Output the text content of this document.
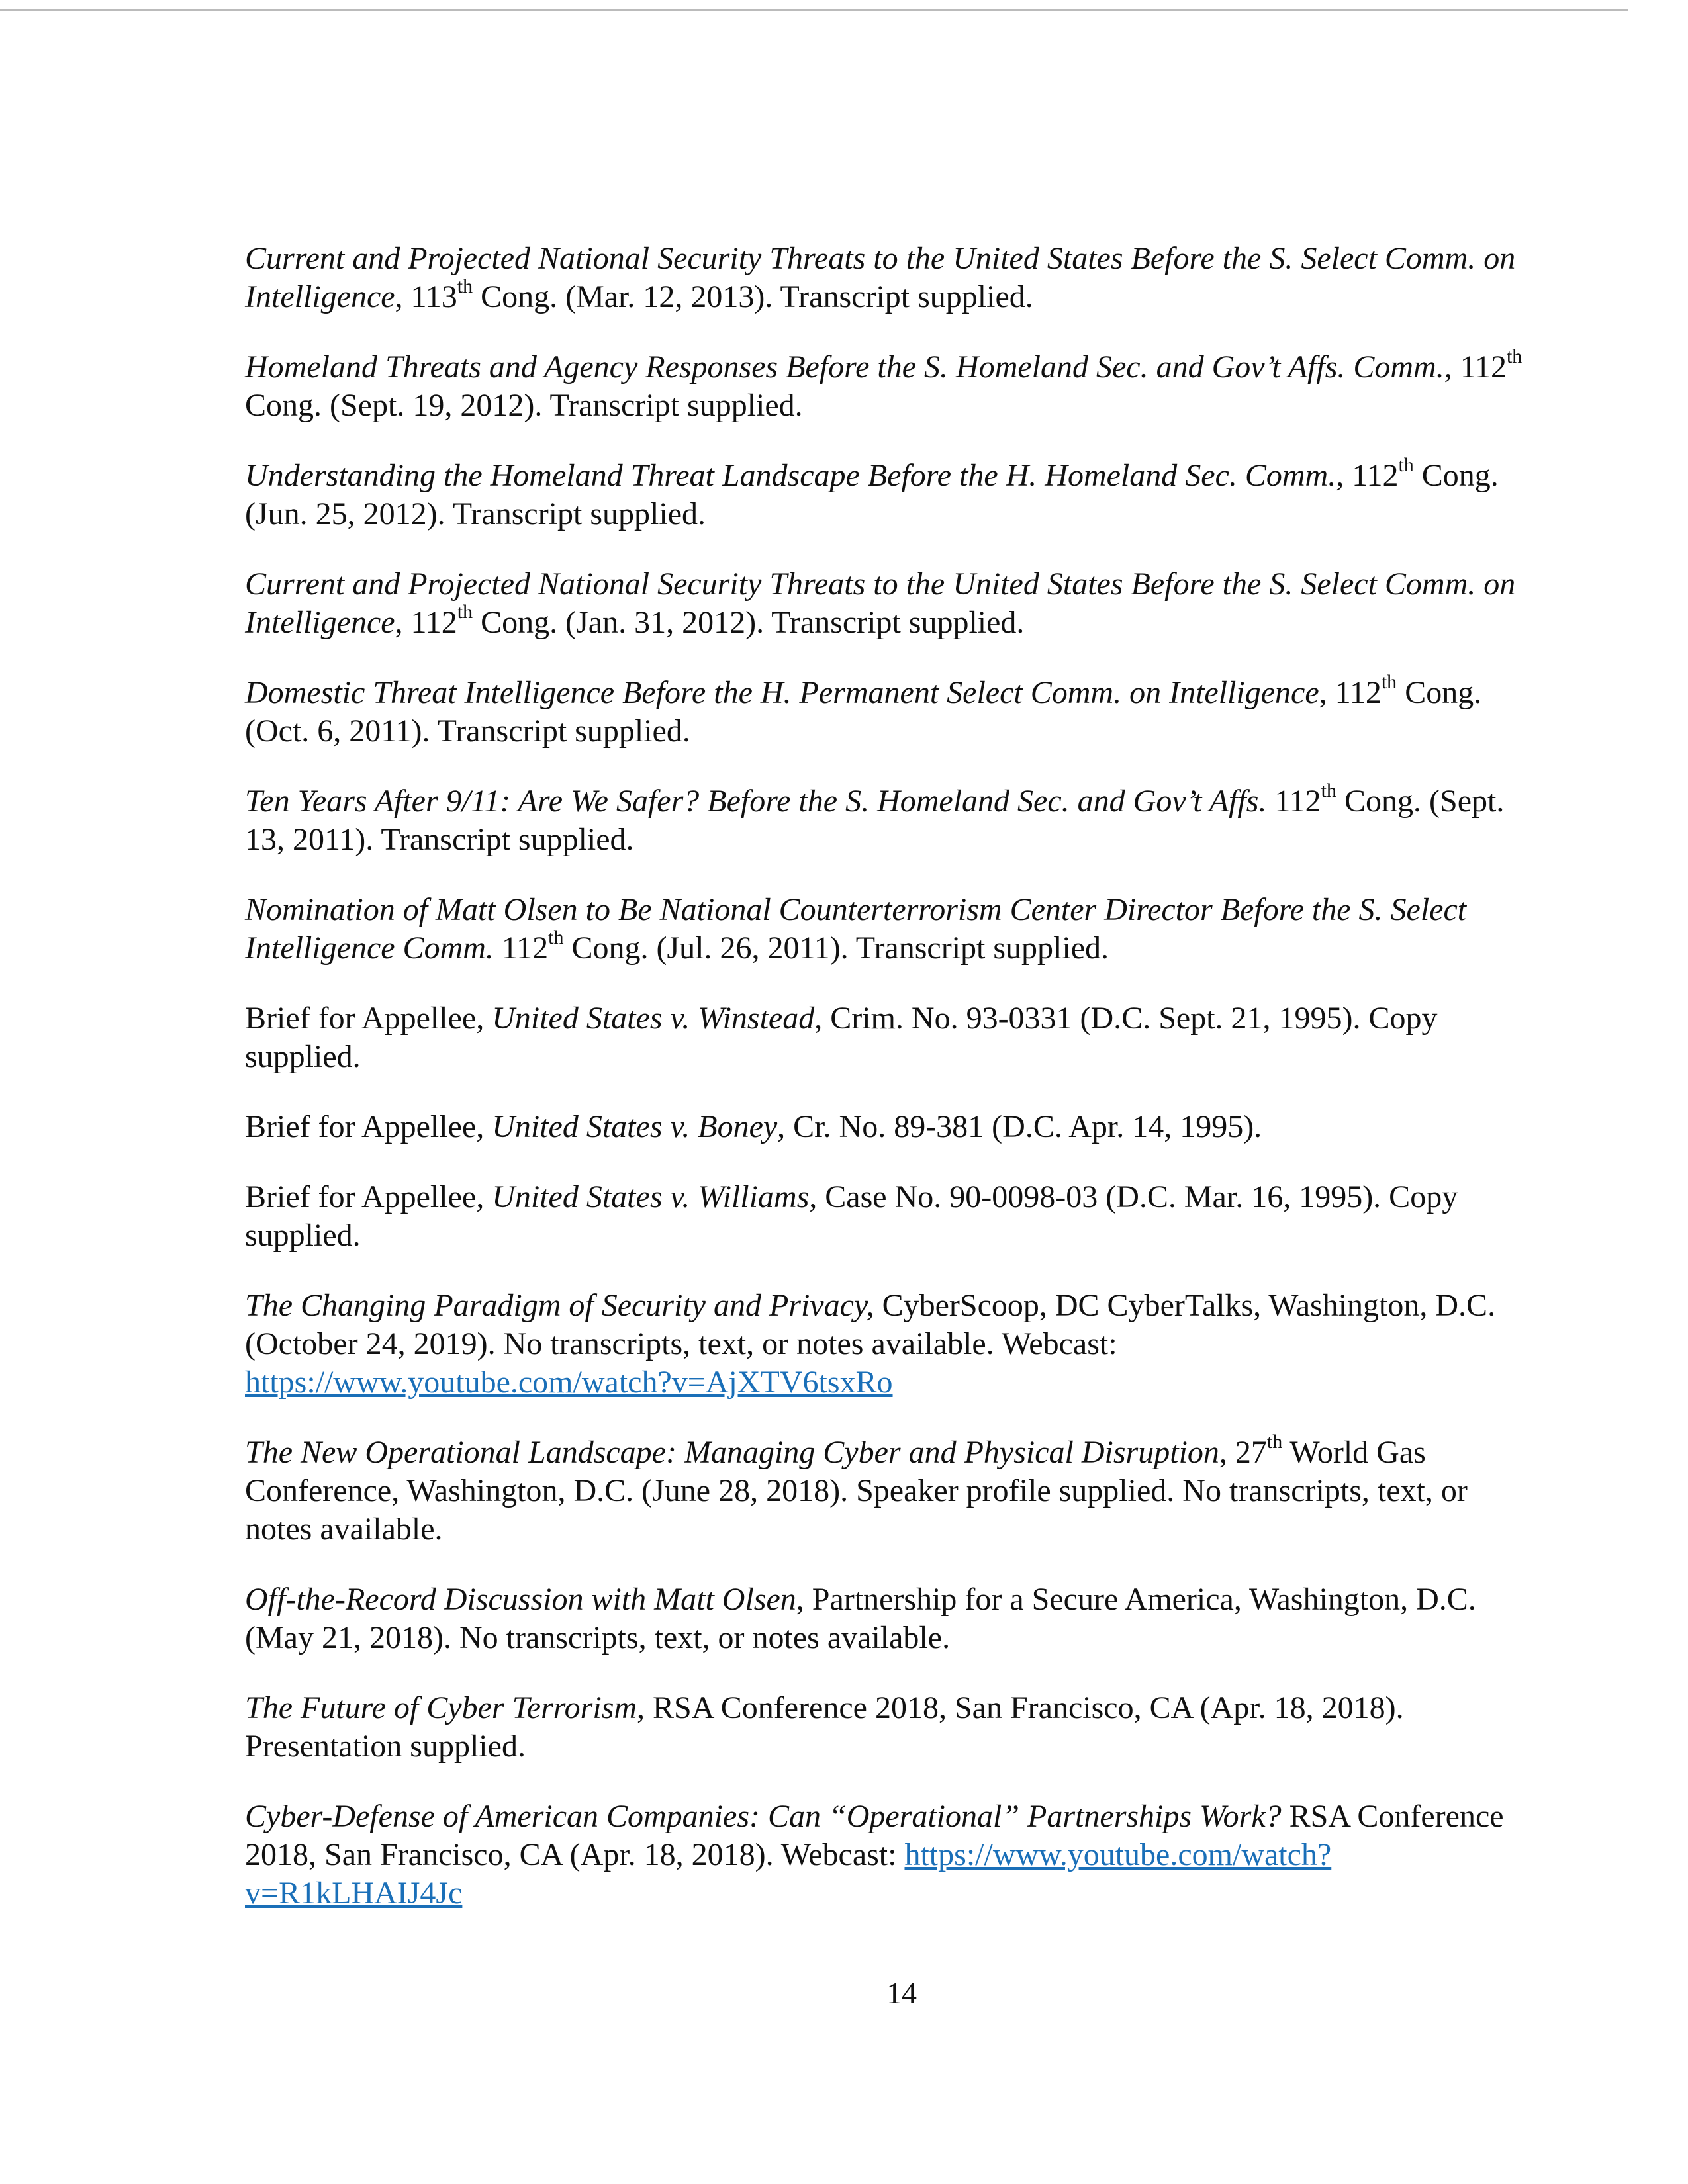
Current and Projected National Security Threats to the United States Before the S. Select Comm. on Intelligence, 113th Cong. (Mar. 12, 2013). Transcript supplied.

Homeland Threats and Agency Responses Before the S. Homeland Sec. and Gov’t Affs. Comm., 112th Cong. (Sept. 19, 2012). Transcript supplied.

Understanding the Homeland Threat Landscape Before the H. Homeland Sec. Comm., 112th Cong. (Jun. 25, 2012). Transcript supplied.

Current and Projected National Security Threats to the United States Before the S. Select Comm. on Intelligence, 112th Cong. (Jan. 31, 2012). Transcript supplied.

Domestic Threat Intelligence Before the H. Permanent Select Comm. on Intelligence, 112th Cong. (Oct. 6, 2011). Transcript supplied.

Ten Years After 9/11: Are We Safer? Before the S. Homeland Sec. and Gov’t Affs. 112th Cong. (Sept. 13, 2011). Transcript supplied.

Nomination of Matt Olsen to Be National Counterterrorism Center Director Before the S. Select Intelligence Comm. 112th Cong. (Jul. 26, 2011). Transcript supplied.

Brief for Appellee, United States v. Winstead, Crim. No. 93-0331 (D.C. Sept. 21, 1995). Copy supplied.

Brief for Appellee, United States v. Boney, Cr. No. 89-381 (D.C. Apr. 14, 1995).

Brief for Appellee, United States v. Williams, Case No. 90-0098-03 (D.C. Mar. 16, 1995). Copy supplied.

The Changing Paradigm of Security and Privacy, CyberScoop, DC CyberTalks, Washington, D.C. (October 24, 2019). No transcripts, text, or notes available. Webcast: https://www.youtube.com/watch?v=AjXTV6tsxRo

The New Operational Landscape: Managing Cyber and Physical Disruption, 27th World Gas Conference, Washington, D.C. (June 28, 2018). Speaker profile supplied. No transcripts, text, or notes available.

Off-the-Record Discussion with Matt Olsen, Partnership for a Secure America, Washington, D.C. (May 21, 2018). No transcripts, text, or notes available.

The Future of Cyber Terrorism, RSA Conference 2018, San Francisco, CA (Apr. 18, 2018). Presentation supplied.

Cyber-Defense of American Companies: Can “Operational” Partnerships Work? RSA Conference 2018, San Francisco, CA (Apr. 18, 2018). Webcast: https://www.youtube.com/watch?v=R1kLHAIJ4Jc

14
